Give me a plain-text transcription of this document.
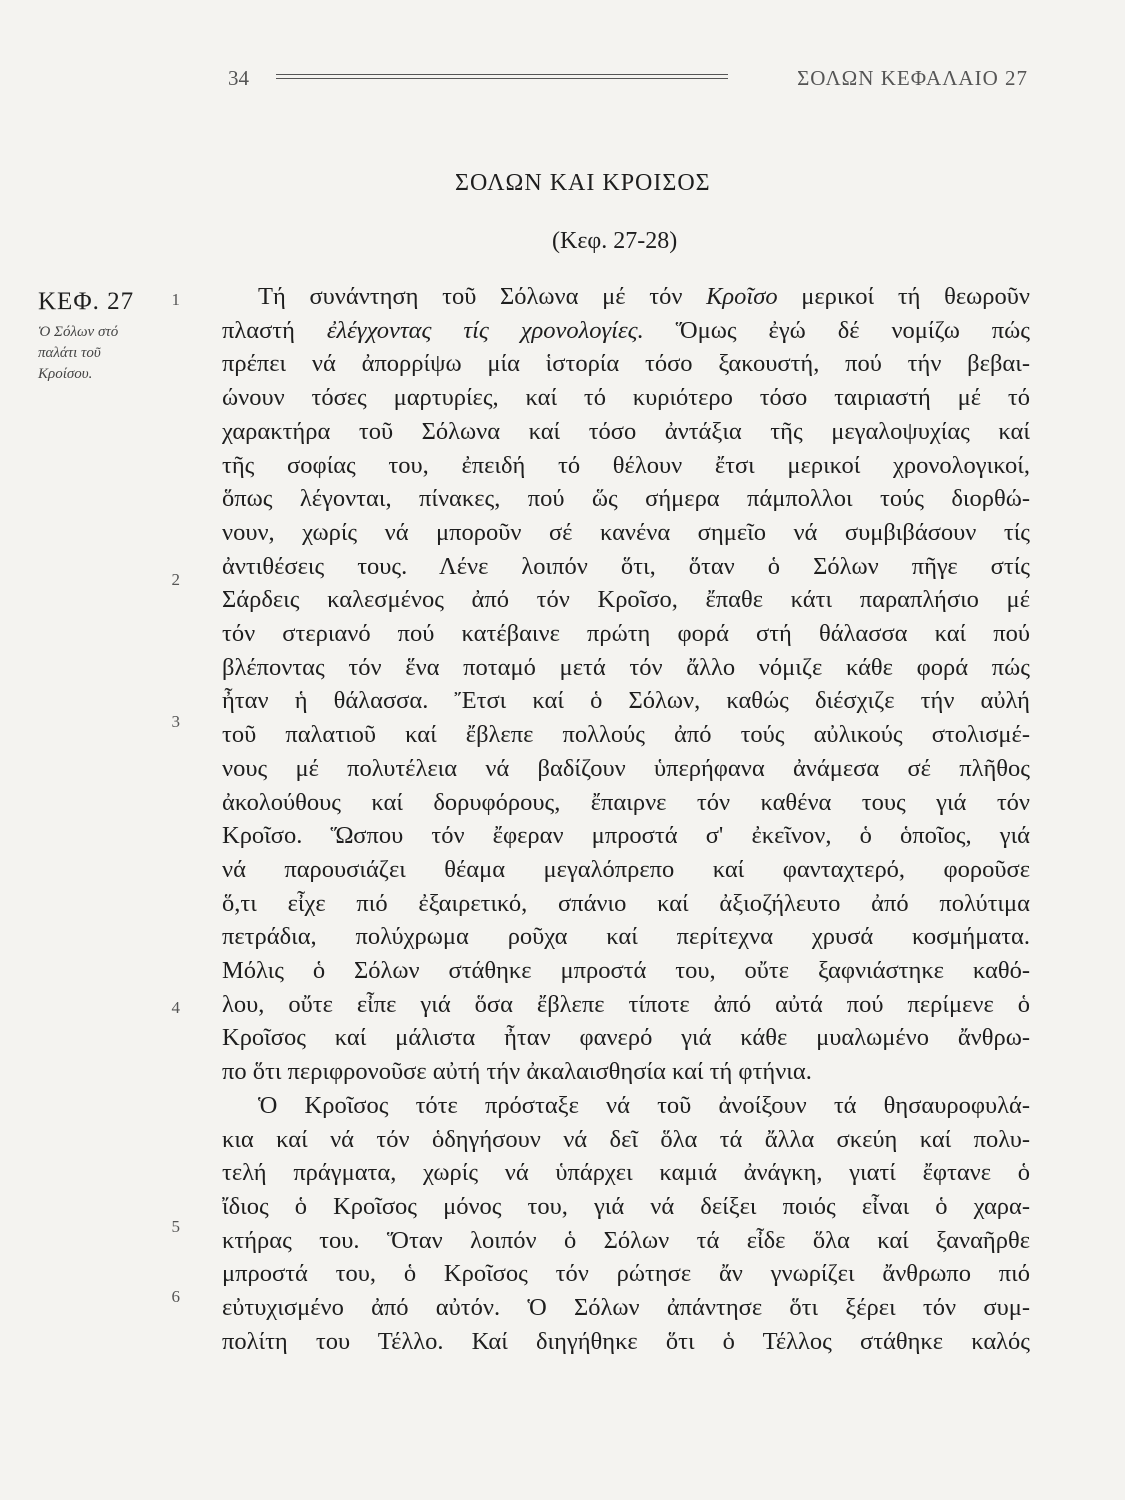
34	ΣΟΛΩΝ ΚΕΦΑΛΑΙΟ 27
ΣΟΛΩΝ ΚΑΙ ΚΡΟΙΣΟΣ
(Κεφ. 27-28)
ΚΕΦ. 27
Ὁ Σόλων στό
παλάτι τοῦ
Κροίσου.
1
2
3
4
5
6
Τή συνάντηση τοῦ Σόλωνα μέ τόν Κροῖσο μερικοί τή θεωροῦν
πλαστή ἐλέγχοντας τίς χρονολογίες. Ὅμως ἐγώ δέ νομίζω πώς
πρέπει νά ἀπορρίψω μία ἱστορία τόσο ξακουστή, πού τήν βεβαι-
ώνουν τόσες μαρτυρίες, καί τό κυριότερο τόσο ταιριαστή μέ τό
χαρακτήρα τοῦ Σόλωνα καί τόσο ἀντάξια τῆς μεγαλοψυχίας καί
τῆς σοφίας του, ἐπειδή τό θέλουν ἔτσι μερικοί χρονολογικοί,
ὅπως λέγονται, πίνακες, πού ὥς σήμερα πάμπολλοι τούς διορθώ-
νουν, χωρίς νά μποροῦν σέ κανένα σημεῖο νά συμβιβάσουν τίς
ἀντιθέσεις τους. Λένε λοιπόν ὅτι, ὅταν ὁ Σόλων πῆγε στίς
Σάρδεις καλεσμένος ἀπό τόν Κροῖσο, ἔπαθε κάτι παραπλήσιο μέ
τόν στεριανό πού κατέβαινε πρώτη φορά στή θάλασσα καί πού
βλέποντας τόν ἕνα ποταμό μετά τόν ἄλλο νόμιζε κάθε φορά πώς
ἦταν ἡ θάλασσα. Ἔτσι καί ὁ Σόλων, καθώς διέσχιζε τήν αὐλή
τοῦ παλατιοῦ καί ἔβλεπε πολλούς ἀπό τούς αὐλικούς στολισμέ-
νους μέ πολυτέλεια νά βαδίζουν ὑπερήφανα ἀνάμεσα σέ πλῆθος
ἀκολούθους καί δορυφόρους, ἔπαιρνε τόν καθένα τους γιά τόν
Κροῖσο. Ὥσπου τόν ἔφεραν μπροστά σ' ἐκεῖνον, ὁ ὁποῖος, γιά
νά παρουσιάζει θέαμα μεγαλόπρεπο καί φανταχτερό, φοροῦσε
ὅ,τι εἶχε πιό ἐξαιρετικό, σπάνιο καί ἀξιοζήλευτο ἀπό πολύτιμα
πετράδια, πολύχρωμα ροῦχα καί περίτεχνα χρυσά κοσμήματα.
Μόλις ὁ Σόλων στάθηκε μπροστά του, οὔτε ξαφνιάστηκε καθό-
λου, οὔτε εἶπε γιά ὅσα ἔβλεπε τίποτε ἀπό αὐτά πού περίμενε ὁ
Κροῖσος καί μάλιστα ἦταν φανερό γιά κάθε μυαλωμένο ἄνθρω-
πο ὅτι περιφρονοῦσε αὐτή τήν ἀκαλαισθησία καί τή φτήνια.
Ὁ Κροῖσος τότε πρόσταξε νά τοῦ ἀνοίξουν τά θησαυροφυλά-
κια καί νά τόν ὁδηγήσουν νά δεῖ ὅλα τά ἄλλα σκεύη καί πολυ-
τελή πράγματα, χωρίς νά ὑπάρχει καμιά ἀνάγκη, γιατί ἔφτανε ὁ
ἴδιος ὁ Κροῖσος μόνος του, γιά νά δείξει ποιός εἶναι ὁ χαρα-
κτήρας του. Ὅταν λοιπόν ὁ Σόλων τά εἶδε ὅλα καί ξαναῆρθε
μπροστά του, ὁ Κροῖσος τόν ρώτησε ἄν γνωρίζει ἄνθρωπο πιό
εὐτυχισμένο ἀπό αὐτόν. Ὁ Σόλων ἀπάντησε ὅτι ξέρει τόν συμ-
πολίτη του Τέλλο. Καί διηγήθηκε ὅτι ὁ Τέλλος στάθηκε καλός
